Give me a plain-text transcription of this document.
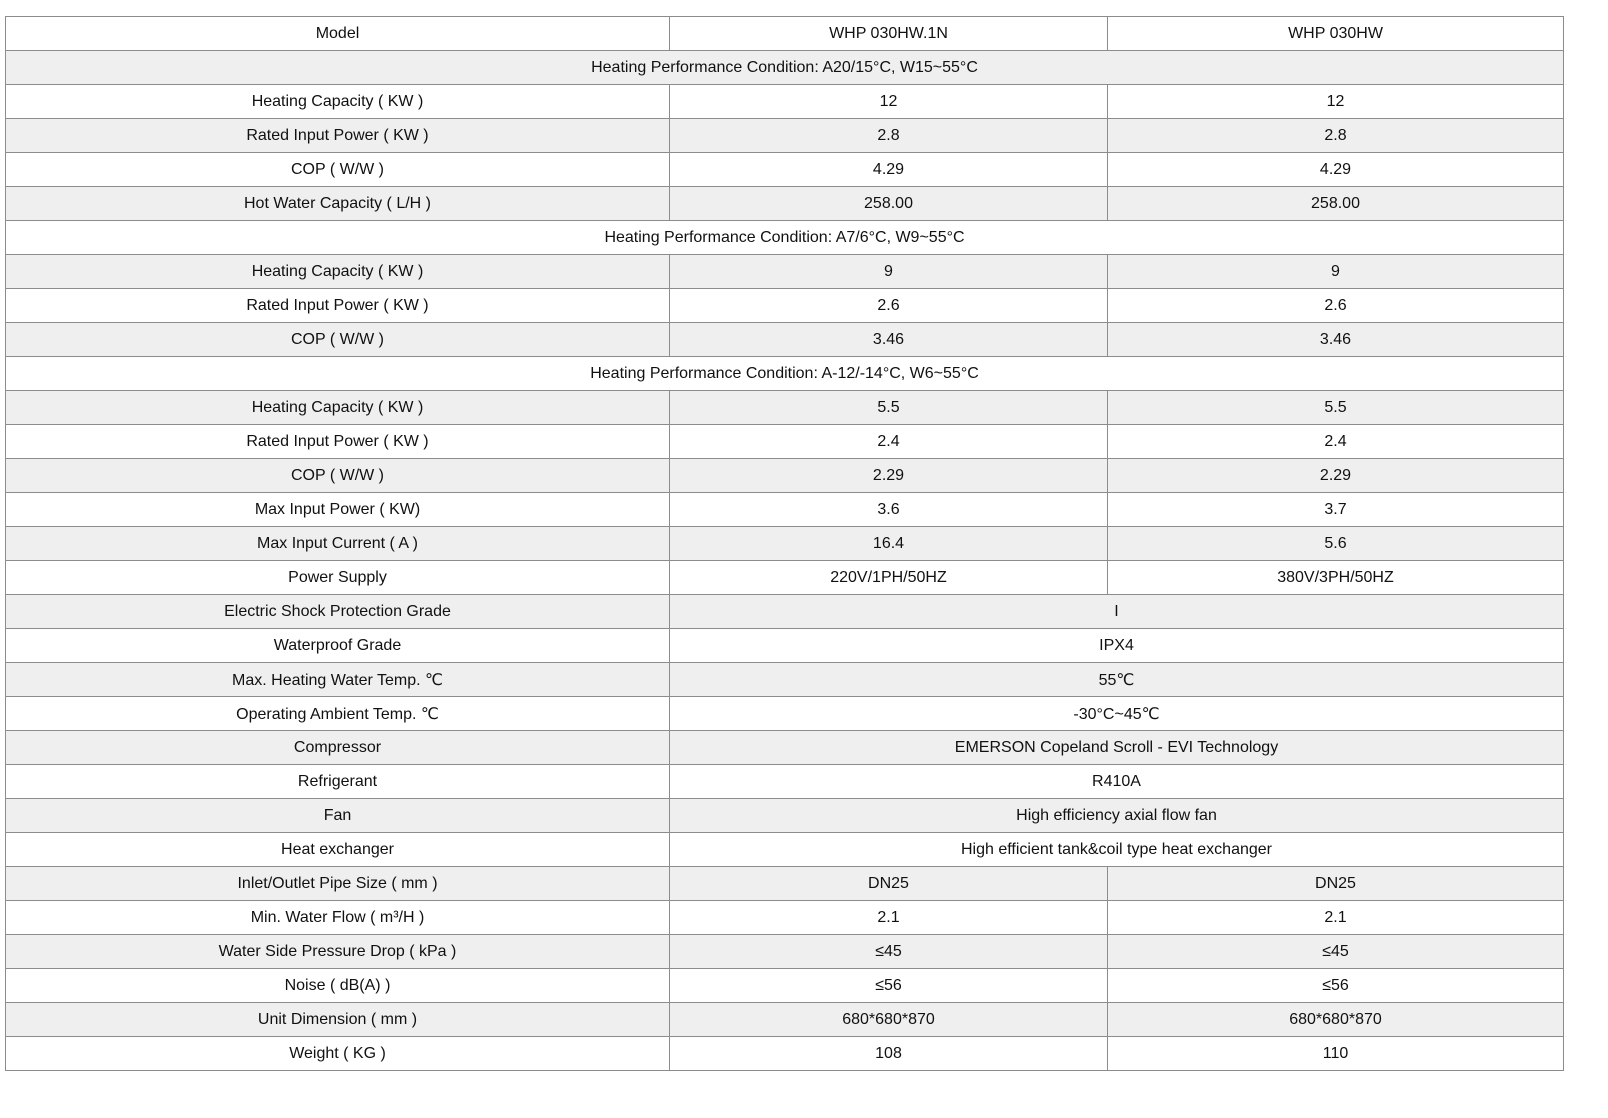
Model	WHP 030HW.1N	WHP 030HW
Heating Performance Condition: A20/15°C, W15~55°C		
Heating Capacity ( KW )	12	12
Rated Input Power ( KW )	2.8	2.8
COP ( W/W )	4.29	4.29
Hot Water Capacity ( L/H )	258.00	258.00
Heating Performance Condition: A7/6°C, W9~55°C		
Heating Capacity ( KW )	9	9
Rated Input Power ( KW )	2.6	2.6
COP ( W/W )	3.46	3.46
Heating Performance Condition: A-12/-14°C, W6~55°C		
Heating Capacity ( KW )	5.5	5.5
Rated Input Power ( KW )	2.4	2.4
COP ( W/W )	2.29	2.29
Max Input Power ( KW)	3.6	3.7
Max Input Current ( A )	16.4	5.6
Power Supply	220V/1PH/50HZ	380V/3PH/50HZ
Electric Shock Protection Grade	I	
Waterproof Grade	IPX4	
Max. Heating Water Temp. ℃	55℃	
Operating Ambient Temp. ℃	-30°C~45℃	
Compressor	EMERSON Copeland Scroll - EVI Technology	
Refrigerant	R410A	
Fan	High efficiency axial flow fan	
Heat exchanger	High efficient tank&coil type heat exchanger	
Inlet/Outlet Pipe Size ( mm )	DN25	DN25
Min. Water Flow ( m³/H )	2.1	2.1
Water Side Pressure Drop ( kPa )	≤45	≤45
Noise ( dB(A) )	≤56	≤56
Unit Dimension ( mm )	680*680*870	680*680*870
Weight ( KG )	108	110
